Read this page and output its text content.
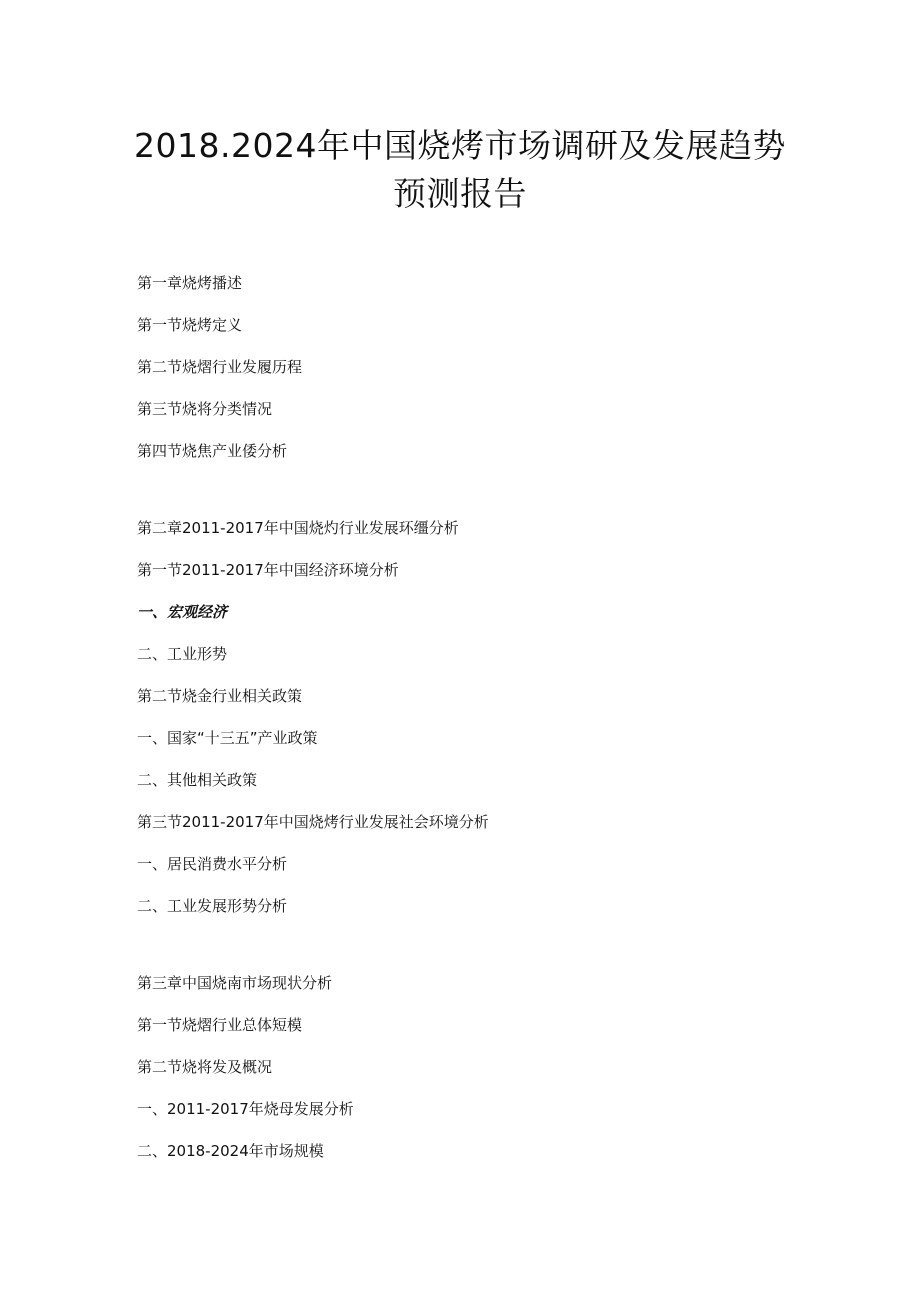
2018.2024年中国烧烤市场调研及发展趋势
预测报告
第一章烧烤播述
第一节烧烤定义
第二节烧熠行业发履历程
第三节烧将分类情况
第四节烧焦产业倭分析
第二章2011-2017年中国烧灼行业发展环缰分析
第一节2011-2017年中国经济环境分析
一、宏观经济
二、工业形势
第二节烧金行业相关政策
一、国家“十三五”产业政策
二、其他相关政策
第三节2011-2017年中国烧烤行业发展社会环境分析
一、居民消费水平分析
二、工业发展形势分析
第三章中国烧南市场现状分析
第一节烧熠行业总体短模
第二节烧将发及概况
一、2011-2017年烧母发展分析
二、2018-2024年市场规模
